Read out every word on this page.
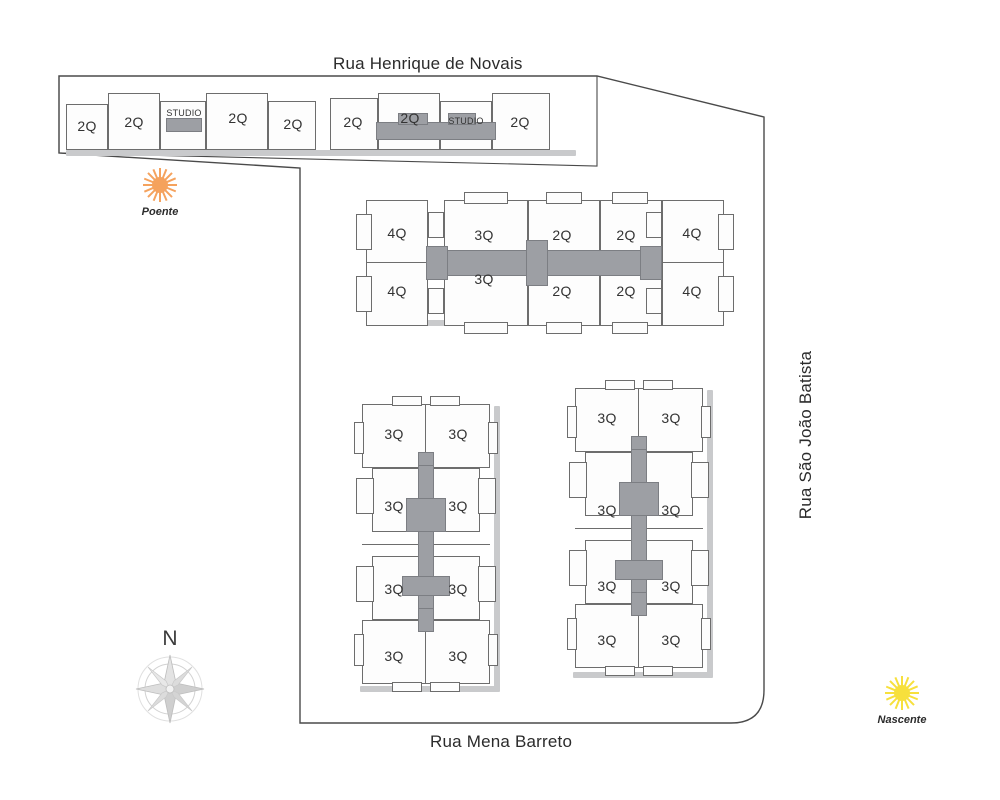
Rua Henrique de Novais
Rua Mena Barreto
Rua São João Batista
2Q	2Q
STUDIO	2Q	2Q	2Q	2Q	STUDIO	2Q
4Q	3Q	2Q	2Q	4Q
4Q
3Q
2Q	2Q	4Q
3Q	3Q
3Q	3Q
3Q	3Q
3Q	3Q
3Q	3Q
3Q	3Q
3Q	3Q
3Q	3Q
Poente
Nascente
N
